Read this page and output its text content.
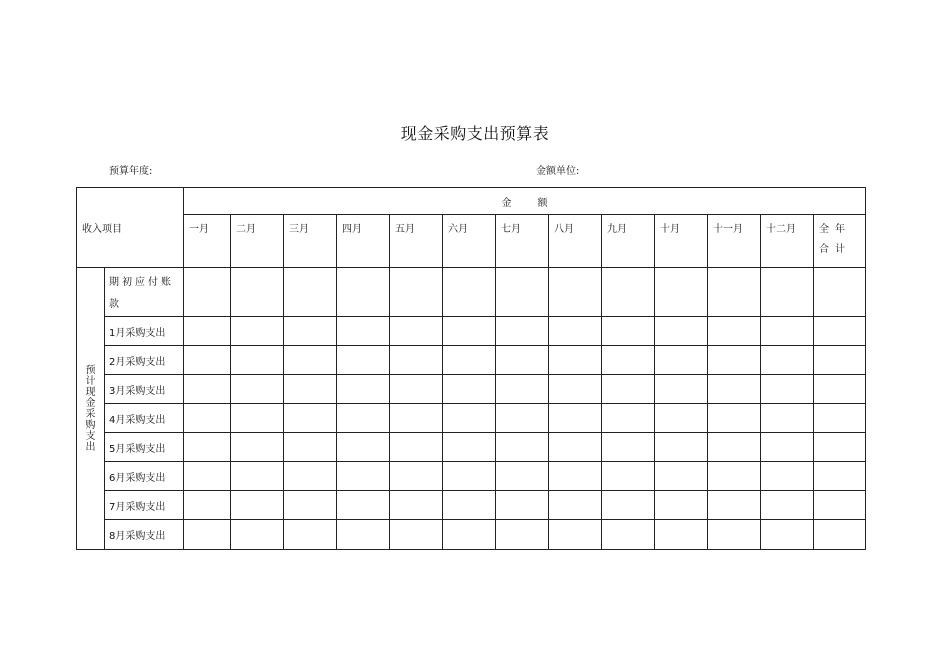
现金采购支出预算表
预算年度:	金额单位:
收入项目		金额												
		一月	二月	三月	四月	五月	六月	七月	八月	九月	十月	十一月	十二月	全年合计
预计现金采购支出	期初应付账款													
	1月采购支出													
	2月采购支出													
	3月采购支出													
	4月采购支出													
	5月采购支出													
	6月采购支出													
	7月采购支出													
	8月采购支出													
